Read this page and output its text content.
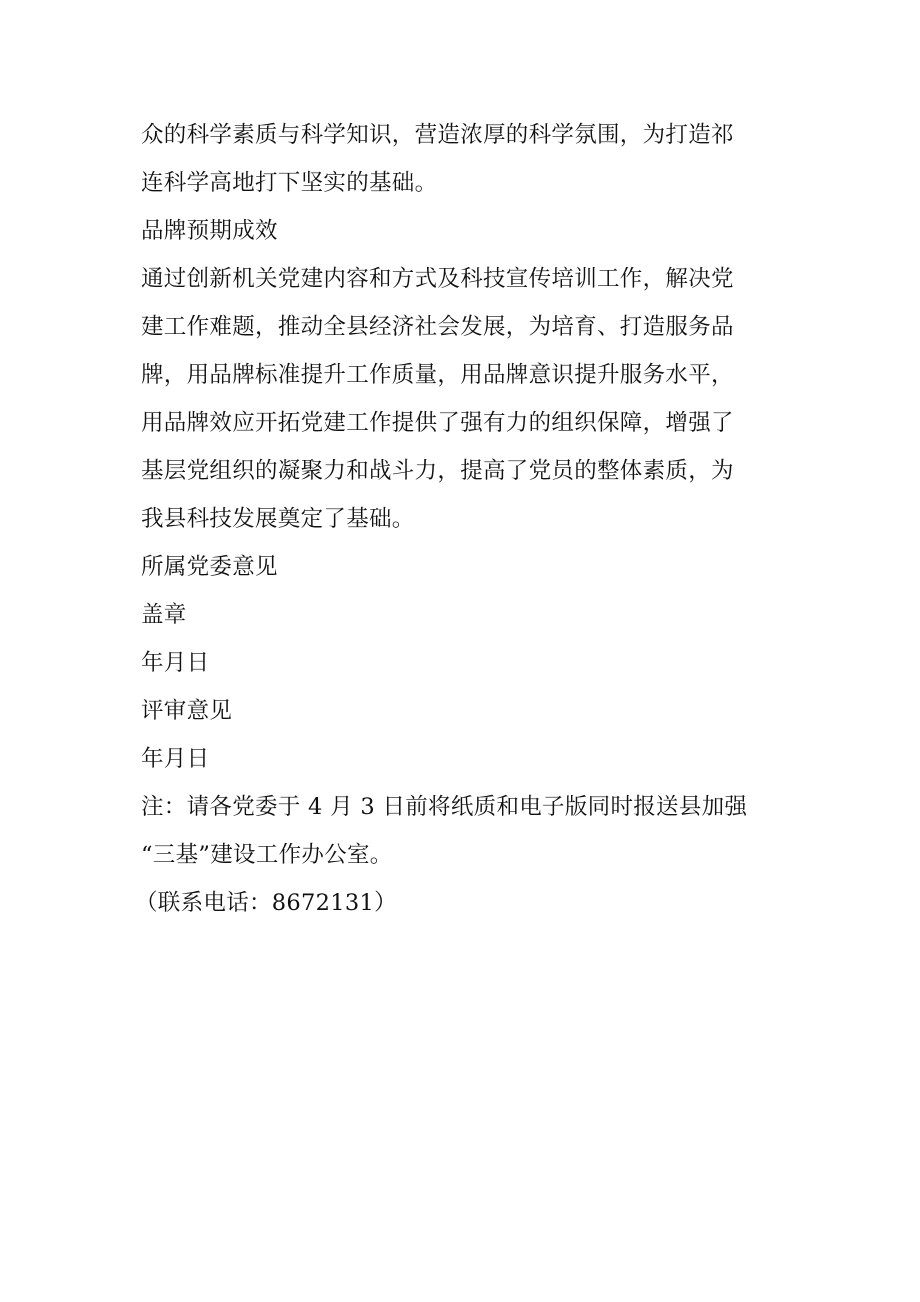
众的科学素质与科学知识，营造浓厚的科学氛围，为打造祁
连科学高地打下坚实的基础。
品牌预期成效
通过创新机关党建内容和方式及科技宣传培训工作，解决党
建工作难题，推动全县经济社会发展，为培育、打造服务品
牌，用品牌标准提升工作质量，用品牌意识提升服务水平，
用品牌效应开拓党建工作提供了强有力的组织保障，增强了
基层党组织的凝聚力和战斗力，提高了党员的整体素质，为
我县科技发展奠定了基础。
所属党委意见
盖章
年月日
评审意见
年月日
注：请各党委于 4 月 3 日前将纸质和电子版同时报送县加强
“三基”建设工作办公室。
（联系电话：8672131）
